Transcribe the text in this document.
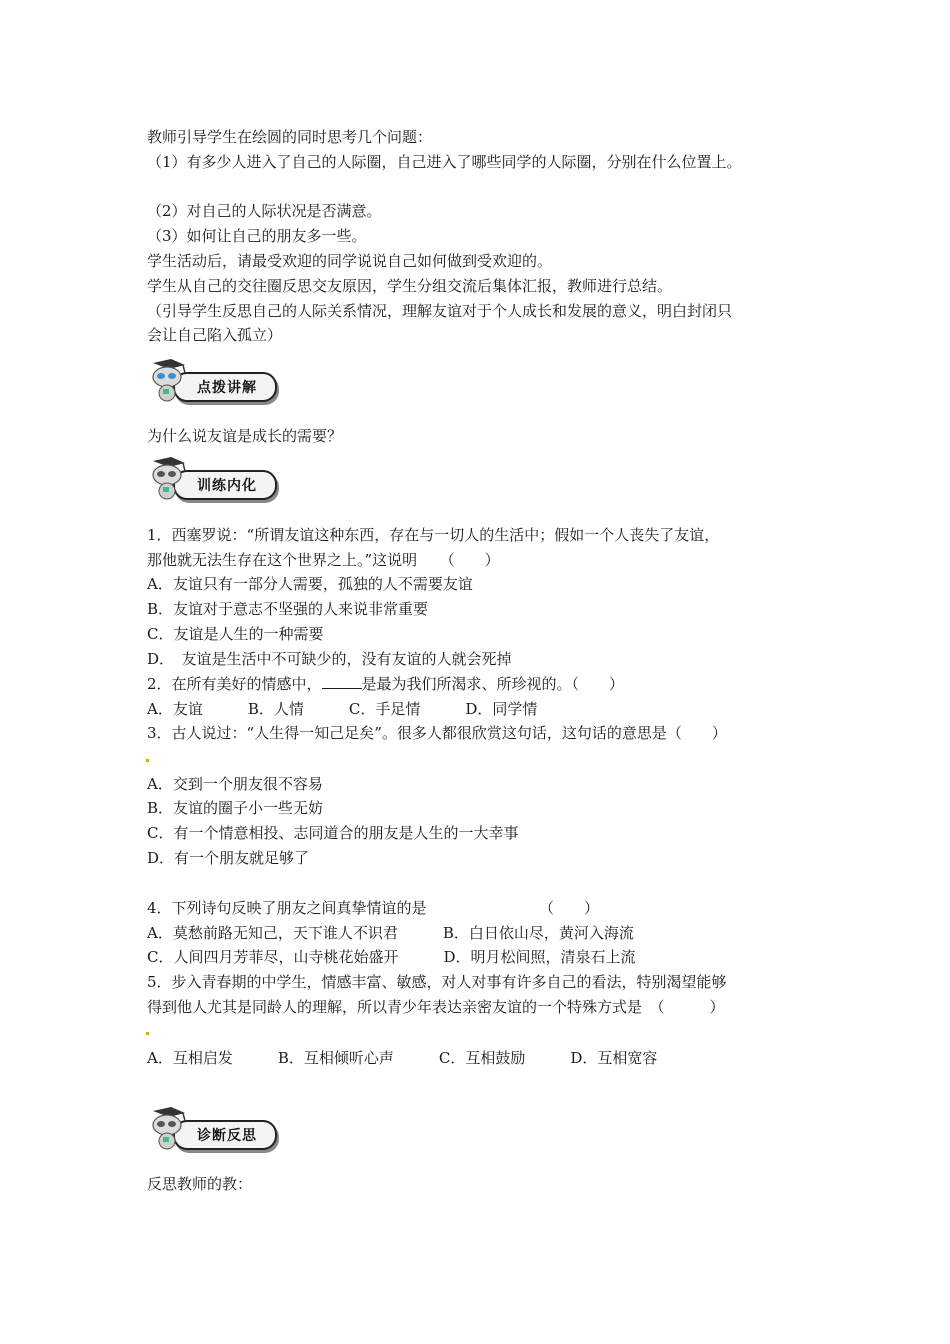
教师引导学生在绘圆的同时思考几个问题：
（1）有多少人进入了自己的人际圈，自己进入了哪些同学的人际圈，分别在什么位置上。
（2）对自己的人际状况是否满意。
（3）如何让自己的朋友多一些。
学生活动后，请最受欢迎的同学说说自己如何做到受欢迎的。
学生从自己的交往圈反思交友原因，学生分组交流后集体汇报，教师进行总结。
（引导学生反思自己的人际关系情况，理解友谊对于个人成长和发展的意义，明白封闭只
会让自己陷入孤立）
点拨讲解
为什么说友谊是成长的需要？
训练内化
1．西塞罗说：“所谓友谊这种东西，存在与一切人的生活中；假如一个人丧失了友谊，
那他就无法生存在这个世界之上。”这说明　　（　　）
A．友谊只有一部分人需要，孤独的人不需要友谊
B．友谊对于意志不坚强的人来说非常重要
C．友谊是人生的一种需要
D．　友谊是生活中不可缺少的，没有友谊的人就会死掉
2．在所有美好的情感中，	是最为我们所渴求、所珍视的。（　　）
A．友谊　　　B．人情　　　C．手足情　　　D．同学情
3．古人说过：“人生得一知己足矣”。很多人都很欣赏这句话，这句话的意思是（　　）
A．交到一个朋友很不容易
B．友谊的圈子小一些无妨
C．有一个情意相投、志同道合的朋友是人生的一大幸事
D．有一个朋友就足够了
4．下列诗句反映了朋友之间真挚情谊的是　　　　　　　　（　　）
A．莫愁前路无知己，天下谁人不识君　　　B．白日依山尽，黄河入海流
C．人间四月芳菲尽，山寺桃花始盛开　　　D．明月松间照，清泉石上流
5．步入青春期的中学生，情感丰富、敏感，对人对事有许多自己的看法，特别渴望能够
得到他人尤其是同龄人的理解，所以青少年表达亲密友谊的一个特殊方式是　（　　　）
A．互相启发　　　B．互相倾听心声　　　C．互相鼓励　　　D．互相宽容
诊断反思
反思教师的教：
